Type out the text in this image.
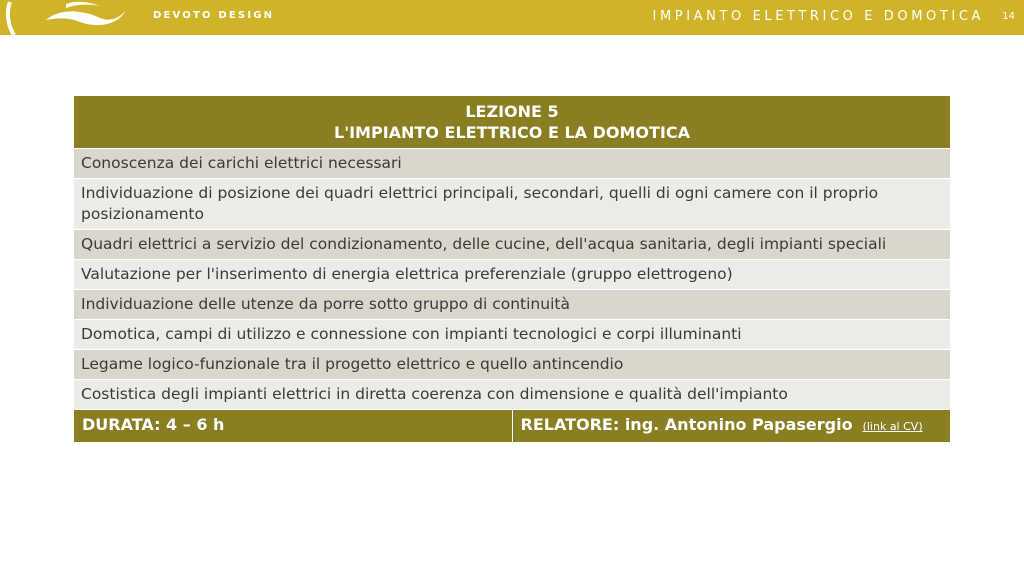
DEVOTO DESIGN	IMPIANTO ELETTRICO E DOMOTICA 14
LEZIONE 5
L'IMPIANTO ELETTRICO E LA DOMOTICA

Conoscenza dei carichi elettrici necessari
Individuazione di posizione dei quadri elettrici principali, secondari, quelli di ogni camere con il proprio posizionamento
Quadri elettrici a servizio del condizionamento, delle cucine, dell'acqua sanitaria, degli impianti speciali
Valutazione per l'inserimento di energia elettrica preferenziale (gruppo elettrogeno)
Individuazione delle utenze da porre sotto gruppo di continuità
Domotica, campi di utilizzo e connessione con impianti tecnologici e corpi illuminanti
Legame logico-funzionale tra il progetto elettrico e quello antincendio
Costistica degli impianti elettrici in diretta coerenza con dimensione e qualità dell'impianto
DURATA: 4 – 6 h	RELATORE: ing. Antonino Papasergio (link al CV)
